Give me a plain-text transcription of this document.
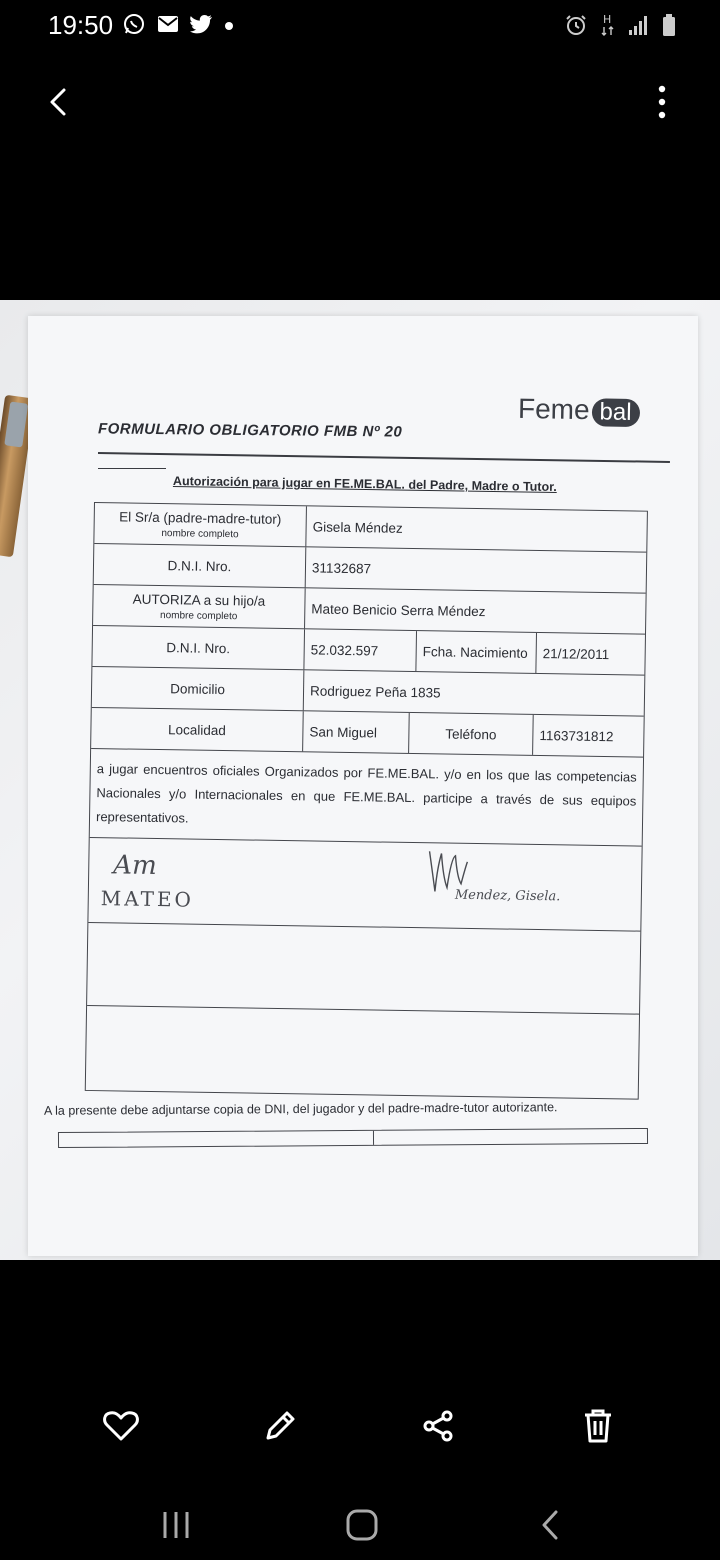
19:50	H
FORMULARIO OBLIGATORIO FMB Nº 20
Feme bal
Autorización para jugar en FE.ME.BAL. del Padre, Madre o Tutor.
El Sr/a (padre-madre-tutor)
nombre completo	Gisela Méndez
D.N.I. Nro.	31132687
AUTORIZA a su hijo/a
nombre completo	Mateo Benicio Serra Méndez
D.N.I. Nro.	52.032.597	Fcha. Nacimiento	21/12/2011
Domicilio	Rodriguez Peña 1835
Localidad	San Miguel	Teléfono	1163731812
a jugar encuentros oficiales Organizados por FE.ME.BAL. y/o en los que las competencias Nacionales y/o Internacionales en que FE.ME.BAL. participe a través de sus equipos representativos.
Am
MATEO	Mendez, Gisela.
A la presente debe adjuntarse copia de DNI, del jugador y del padre-madre-tutor autorizante.
